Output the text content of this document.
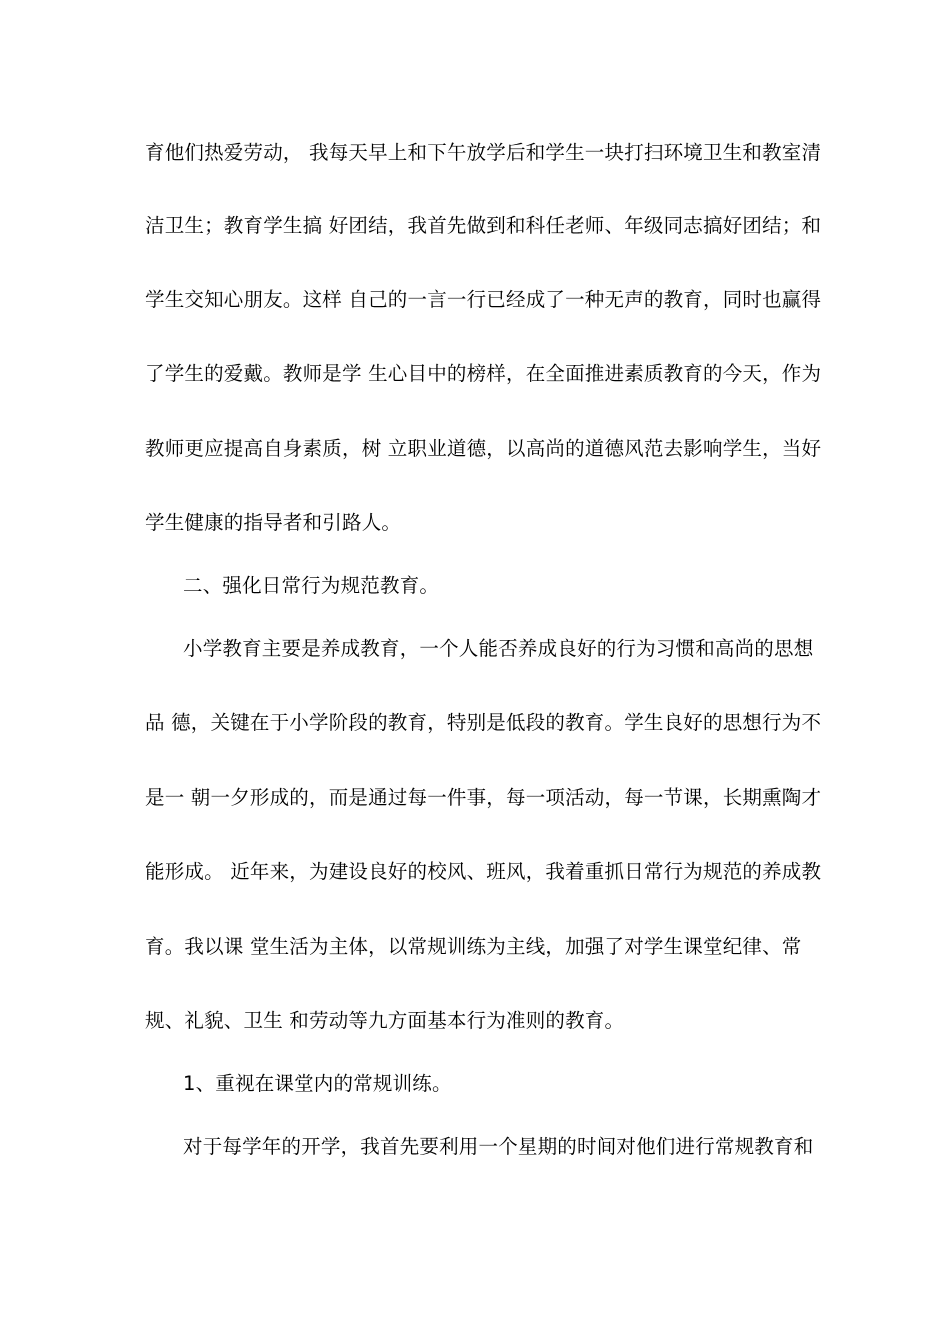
育他们热爱劳动， 我每天早上和下午放学后和学生一块打扫环境卫生和教室清
洁卫生；教育学生搞 好团结，我首先做到和科任老师、年级同志搞好团结；和
学生交知心朋友。这样 自己的一言一行已经成了一种无声的教育，同时也赢得
了学生的爱戴。教师是学 生心目中的榜样，在全面推进素质教育的今天，作为
教师更应提高自身素质，树 立职业道德，以高尚的道德风范去影响学生，当好
学生健康的指导者和引路人。
二、强化日常行为规范教育。
小学教育主要是养成教育，一个人能否养成良好的行为习惯和高尚的思想
品 德，关键在于小学阶段的教育，特别是低段的教育。学生良好的思想行为不
是一 朝一夕形成的，而是通过每一件事，每一项活动，每一节课，长期熏陶才
能形成。 近年来，为建设良好的校风、班风，我着重抓日常行为规范的养成教
育。我以课 堂生活为主体，以常规训练为主线，加强了对学生课堂纪律、常
规、礼貌、卫生 和劳动等九方面基本行为准则的教育。
1、重视在课堂内的常规训练。
对于每学年的开学，我首先要利用一个星期的时间对他们进行常规教育和
